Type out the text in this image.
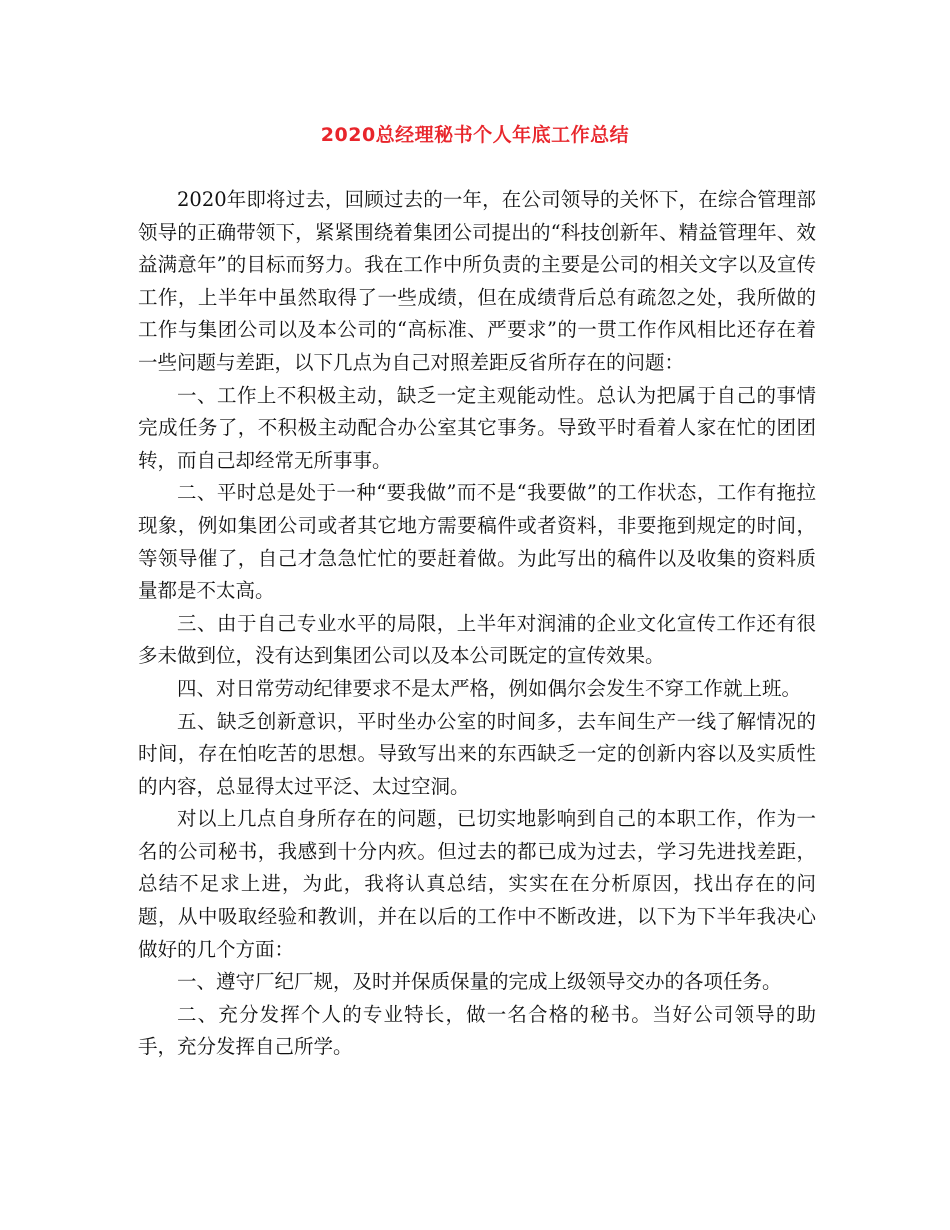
2020总经理秘书个人年底工作总结

2020年即将过去，回顾过去的一年，在公司领导的关怀下，在综合管理部领导的正确带领下，紧紧围绕着集团公司提出的“科技创新年、精益管理年、效益满意年”的目标而努力。我在工作中所负责的主要是公司的相关文字以及宣传工作，上半年中虽然取得了一些成绩，但在成绩背后总有疏忽之处，我所做的工作与集团公司以及本公司的“高标准、严要求”的一贯工作作风相比还存在着一些问题与差距，以下几点为自己对照差距反省所存在的问题：

一、工作上不积极主动，缺乏一定主观能动性。总认为把属于自己的事情完成任务了，不积极主动配合办公室其它事务。导致平时看着人家在忙的团团转，而自己却经常无所事事。

二、平时总是处于一种“要我做”而不是“我要做”的工作状态，工作有拖拉现象，例如集团公司或者其它地方需要稿件或者资料，非要拖到规定的时间，等领导催了，自己才急急忙忙的要赶着做。为此写出的稿件以及收集的资料质量都是不太高。

三、由于自己专业水平的局限，上半年对润浦的企业文化宣传工作还有很多未做到位，没有达到集团公司以及本公司既定的宣传效果。

四、对日常劳动纪律要求不是太严格，例如偶尔会发生不穿工作就上班。

五、缺乏创新意识，平时坐办公室的时间多，去车间生产一线了解情况的时间，存在怕吃苦的思想。导致写出来的东西缺乏一定的创新内容以及实质性的内容，总显得太过平泛、太过空洞。

对以上几点自身所存在的问题，已切实地影响到自己的本职工作，作为一名的公司秘书，我感到十分内疚。但过去的都已成为过去，学习先进找差距，总结不足求上进，为此，我将认真总结，实实在在分析原因，找出存在的问题，从中吸取经验和教训，并在以后的工作中不断改进，以下为下半年我决心做好的几个方面：

一、遵守厂纪厂规，及时并保质保量的完成上级领导交办的各项任务。

二、充分发挥个人的专业特长，做一名合格的秘书。当好公司领导的助手，充分发挥自己所学。
